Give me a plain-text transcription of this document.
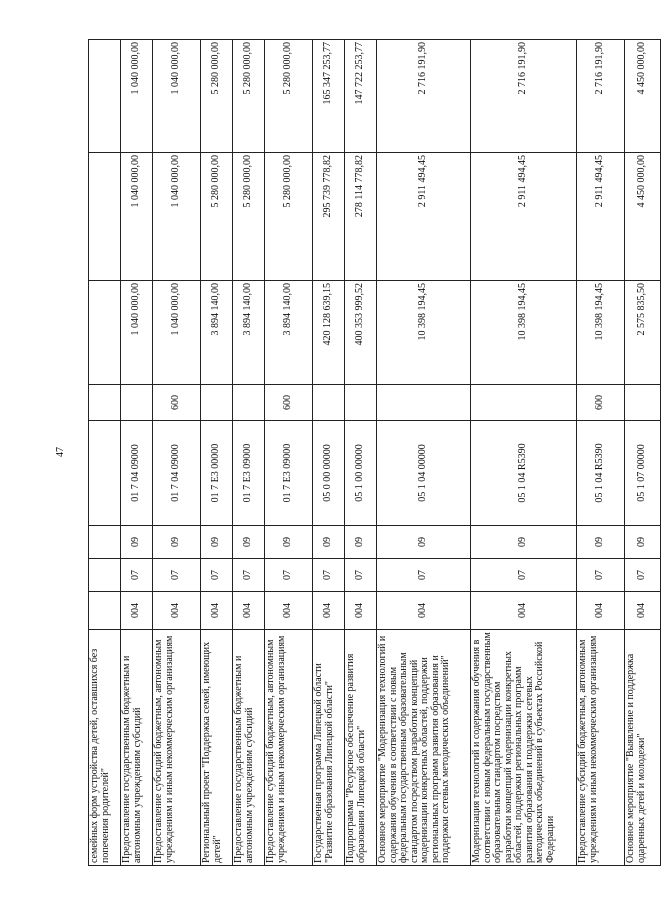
47
семейных форм устройства детей, оставшихся без попечения родителей"								
Предоставление государственным бюджетным и автономным учреждениям субсидий	004	07	09	01 7 04 09000		1 040 000,00	1 040 000,00	1 040 000,00
Предоставление субсидий бюджетным, автономным учреждениям и иным некоммерческим организациям	004	07	09	01 7 04 09000	600	1 040 000,00	1 040 000,00	1 040 000,00
Региональный проект "Поддержка семей, имеющих детей"	004	07	09	01 7 E3 00000		3 894 140,00	5 280 000,00	5 280 000,00
Предоставление государственным бюджетным и автономным учреждениям субсидий	004	07	09	01 7 E3 09000		3 894 140,00	5 280 000,00	5 280 000,00
Предоставление субсидий бюджетным, автономным учреждениям и иным некоммерческим организациям	004	07	09	01 7 E3 09000	600	3 894 140,00	5 280 000,00	5 280 000,00
Государственная программа Липецкой области "Развитие образования Липецкой области"	004	07	09	05 0 00 00000		420 128 639,15	295 739 778,82	165 347 253,77
Подпрограмма "Ресурсное обеспечение развития образования Липецкой области"	004	07	09	05 1 00 00000		400 353 999,52	278 114 778,82	147 722 253,77
Основное мероприятие "Модернизация технологий и содержания обучения в соответствии с новым федеральным государственным образовательным стандартом посредством разработки концепций модернизации конкретных областей, поддержки региональных программ развития образования и поддержки сетевых методических объединений"	004	07	09	05 1 04 00000		10 398 194,45	2 911 494,45	2 716 191,90
Модернизация технологий и содержания обучения в соответствии с новым федеральным государственным образовательным стандартом посредством разработки концепций модернизации конкретных областей, поддержки региональных программ развития образования и поддержки сетевых методических объединений в субъектах Российской Федерации	004	07	09	05 1 04 R5390		10 398 194,45	2 911 494,45	2 716 191,90
Предоставление субсидий бюджетным, автономным учреждениям и иным некоммерческим организациям	004	07	09	05 1 04 R5390	600	10 398 194,45	2 911 494,45	2 716 191,90
Основное мероприятие "Выявление и поддержка одаренных детей и молодежи"	004	07	09	05 1 07 00000		2 575 835,50	4 450 000,00	4 450 000,00
